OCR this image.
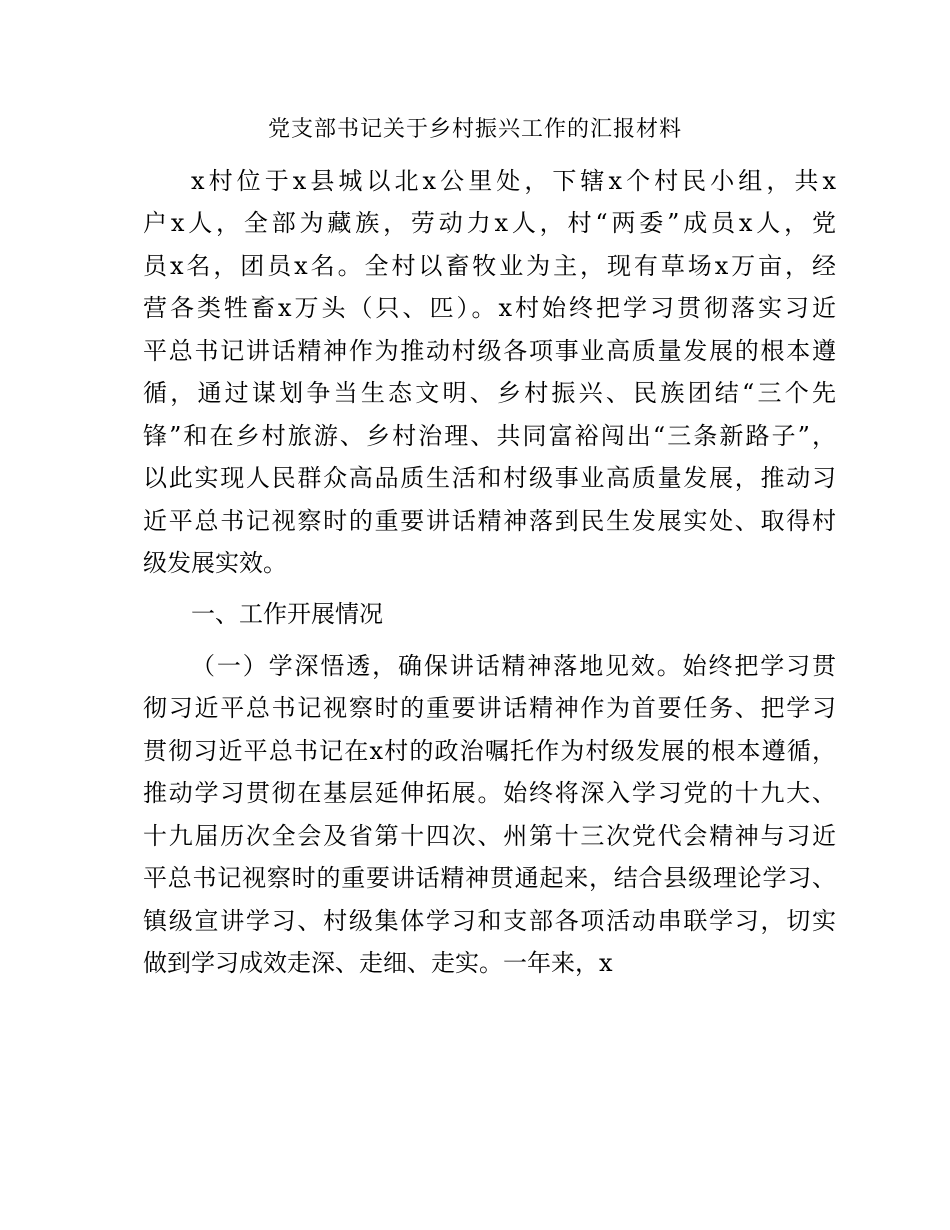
党支部书记关于乡村振兴工作的汇报材料
x村位于x县城以北x公里处，下辖x个村民小组，共x
户x人，全部为藏族，劳动力x人，村“两委”成员x人，党
员x名，团员x名。全村以畜牧业为主，现有草场x万亩，经
营各类牲畜x万头（只、匹）。x村始终把学习贯彻落实习近
平总书记讲话精神作为推动村级各项事业高质量发展的根本遵
循，通过谋划争当生态文明、乡村振兴、民族团结“三个先
锋”和在乡村旅游、乡村治理、共同富裕闯出“三条新路子”，
以此实现人民群众高品质生活和村级事业高质量发展，推动习
近平总书记视察时的重要讲话精神落到民生发展实处、取得村
级发展实效。
一、工作开展情况
（一）学深悟透，确保讲话精神落地见效。始终把学习贯
彻习近平总书记视察时的重要讲话精神作为首要任务、把学习
贯彻习近平总书记在x村的政治嘱托作为村级发展的根本遵循，
推动学习贯彻在基层延伸拓展。始终将深入学习党的十九大、
十九届历次全会及省第十四次、州第十三次党代会精神与习近
平总书记视察时的重要讲话精神贯通起来，结合县级理论学习、
镇级宣讲学习、村级集体学习和支部各项活动串联学习，切实
做到学习成效走深、走细、走实。一年来，x
